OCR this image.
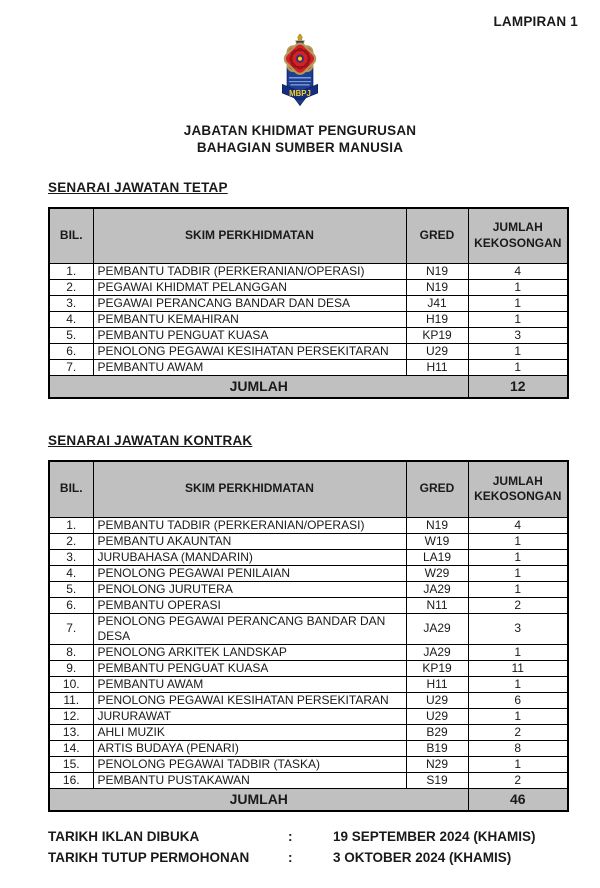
LAMPIRAN 1
MBPJ
JABATAN KHIDMAT PENGURUSAN
BAHAGIAN SUMBER MANUSIA
SENARAI JAWATAN TETAP
BIL.	SKIM PERKHIDMATAN	GRED	JUMLAH KEKOSONGAN
1.	PEMBANTU TADBIR (PERKERANIAN/OPERASI)	N19	4
2.	PEGAWAI KHIDMAT PELANGGAN	N19	1
3.	PEGAWAI PERANCANG BANDAR DAN DESA	J41	1
4.	PEMBANTU KEMAHIRAN	H19	1
5.	PEMBANTU PENGUAT KUASA	KP19	3
6.	PENOLONG PEGAWAI KESIHATAN PERSEKITARAN	U29	1
7.	PEMBANTU AWAM	H11	1
JUMLAH			12
SENARAI JAWATAN KONTRAK
BIL.	SKIM PERKHIDMATAN	GRED	JUMLAH KEKOSONGAN
1.	PEMBANTU TADBIR (PERKERANIAN/OPERASI)	N19	4
2.	PEMBANTU AKAUNTAN	W19	1
3.	JURUBAHASA (MANDARIN)	LA19	1
4.	PENOLONG PEGAWAI PENILAIAN	W29	1
5.	PENOLONG JURUTERA	JA29	1
6.	PEMBANTU OPERASI	N11	2
7.	PENOLONG PEGAWAI PERANCANG BANDAR DAN DESA	JA29	3
8.	PENOLONG ARKITEK LANDSKAP	JA29	1
9.	PEMBANTU PENGUAT KUASA	KP19	11
10.	PEMBANTU AWAM	H11	1
11.	PENOLONG PEGAWAI KESIHATAN PERSEKITARAN	U29	6
12.	JURURAWAT	U29	1
13.	AHLI MUZIK	B29	2
14.	ARTIS BUDAYA (PENARI)	B19	8
15.	PENOLONG PEGAWAI TADBIR (TASKA)	N29	1
16.	PEMBANTU PUSTAKAWAN	S19	2
JUMLAH			46
TARIKH IKLAN DIBUKA	:	19 SEPTEMBER 2024 (KHAMIS)
TARIKH TUTUP PERMOHONAN	:	3 OKTOBER 2024 (KHAMIS)
